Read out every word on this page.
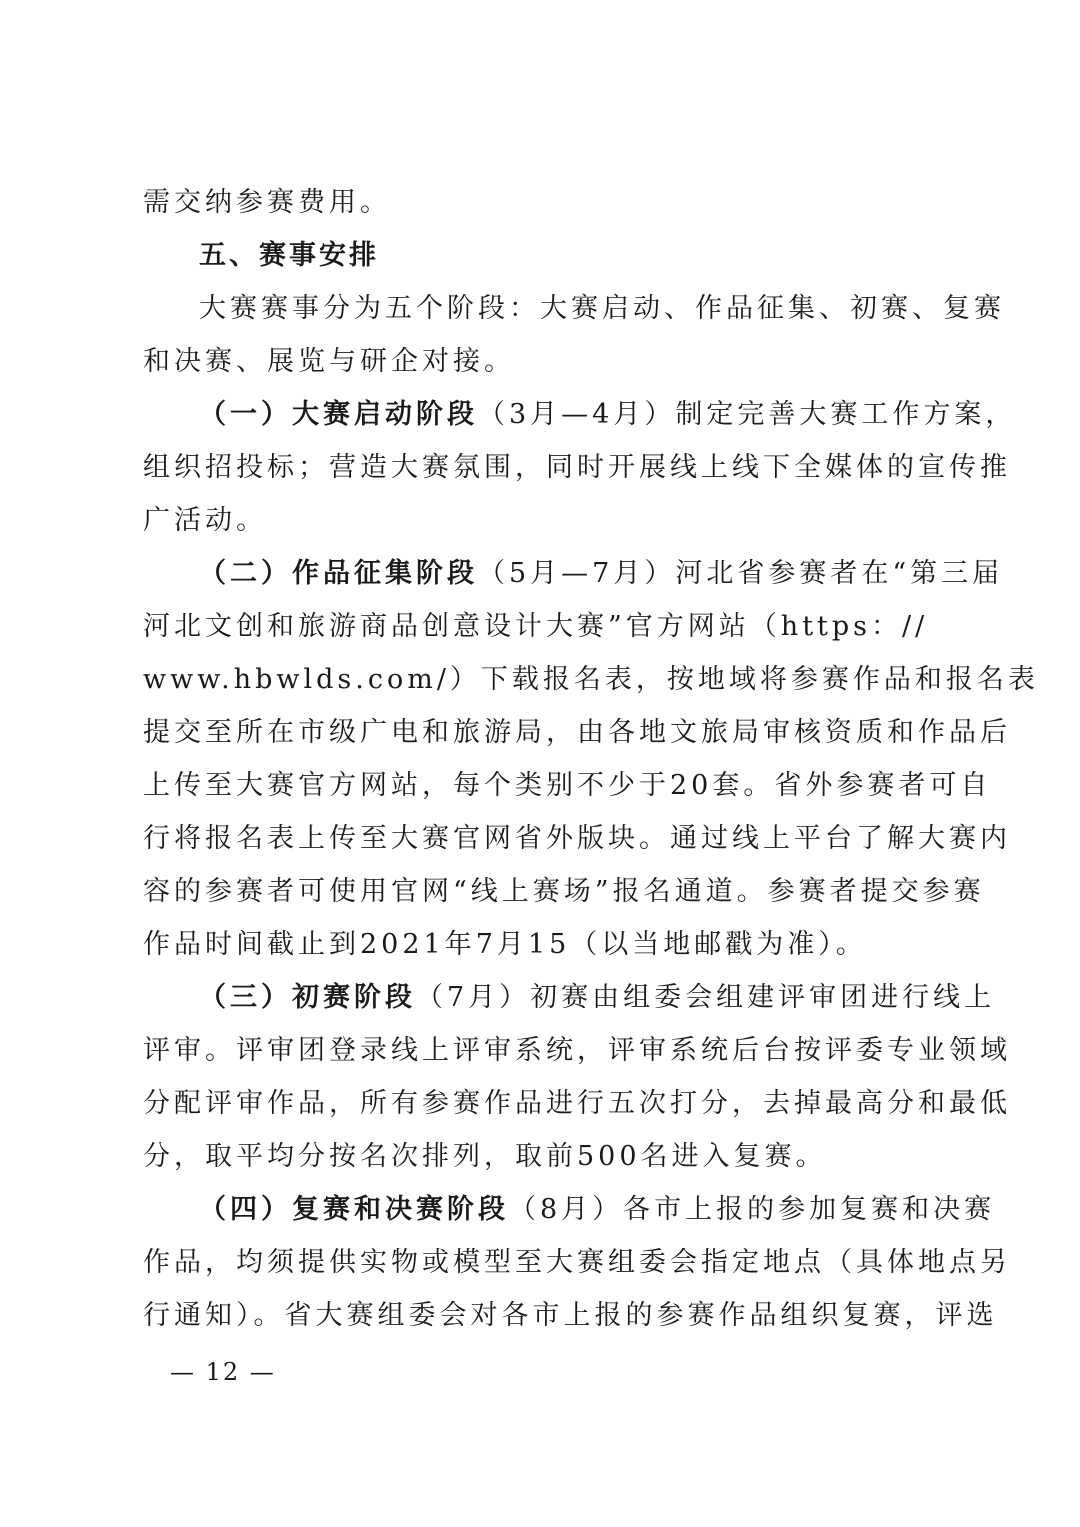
需交纳参赛费用。
五、赛事安排
大赛赛事分为五个阶段：大赛启动、作品征集、初赛、复赛
和决赛、展览与研企对接。
（一）大赛启动阶段（3月—4月）制定完善大赛工作方案，
组织招投标；营造大赛氛围，同时开展线上线下全媒体的宣传推
广活动。
（二）作品征集阶段（5月—7月）河北省参赛者在“第三届
河北文创和旅游商品创意设计大赛”官方网站（https：//
www.hbwlds.com/）下载报名表，按地域将参赛作品和报名表
提交至所在市级广电和旅游局，由各地文旅局审核资质和作品后
上传至大赛官方网站，每个类别不少于20套。省外参赛者可自
行将报名表上传至大赛官网省外版块。通过线上平台了解大赛内
容的参赛者可使用官网“线上赛场”报名通道。参赛者提交参赛
作品时间截止到2021年7月15（以当地邮戳为准）。
（三）初赛阶段（7月）初赛由组委会组建评审团进行线上
评审。评审团登录线上评审系统，评审系统后台按评委专业领域
分配评审作品，所有参赛作品进行五次打分，去掉最高分和最低
分，取平均分按名次排列，取前500名进入复赛。
（四）复赛和决赛阶段（8月）各市上报的参加复赛和决赛
作品，均须提供实物或模型至大赛组委会指定地点（具体地点另
行通知）。省大赛组委会对各市上报的参赛作品组织复赛，评选
— 12 —
